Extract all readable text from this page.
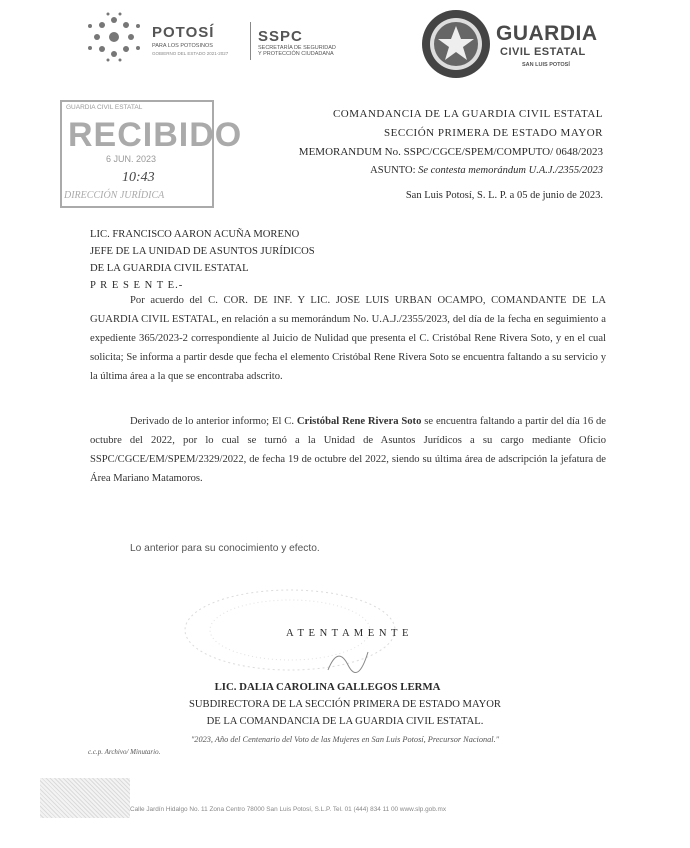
POTOSÍ
PARA LOS POTOSINOS
GOBIERNO DEL ESTADO 2021-2027
SSPC
SECRETARÍA DE SEGURIDAD
Y PROTECCIÓN CIUDADANA
GUARDIA
CIVIL ESTATAL
SAN LUIS POTOSÍ
GUARDIA CIVIL ESTATAL
RECIBIDO
6 JUN. 2023
10:43
DIRECCIÓN JURÍDICA
COMANDANCIA DE LA GUARDIA CIVIL ESTATAL
SECCIÓN PRIMERA DE ESTADO MAYOR
MEMORANDUM No. SSPC/CGCE/SPEM/COMPUTO/ 0648/2023
ASUNTO: Se contesta memorándum U.A.J./2355/2023
San Luis Potosí, S. L. P. a 05 de junio de 2023.
LIC. FRANCISCO AARON ACUÑA MORENO
JEFE DE LA UNIDAD DE ASUNTOS JURÍDICOS
DE LA GUARDIA CIVIL ESTATAL
P R E S E N T E.-
Por acuerdo del C. COR. DE INF. Y LIC. JOSE LUIS URBAN OCAMPO, COMANDANTE DE LA GUARDIA CIVIL ESTATAL, en relación a su memorándum No. U.A.J./2355/2023, del día de la fecha en seguimiento a expediente 365/2023-2 correspondiente al Juicio de Nulidad que presenta el C. Cristóbal Rene Rivera Soto, y en el cual solicita; Se informa a partir desde que fecha el elemento Cristóbal Rene Rivera Soto se encuentra faltando a su servicio y la última área a la que se encontraba adscrito.
Derivado de lo anterior informo; El C. Cristóbal Rene Rivera Soto se encuentra faltando a partir del día 16 de octubre del 2022, por lo cual se turnó a la Unidad de Asuntos Jurídicos a su cargo mediante Oficio SSPC/CGCE/EM/SPEM/2329/2022, de fecha 19 de octubre del 2022, siendo su última área de adscripción la jefatura de Área Mariano Matamoros.
Lo anterior para su conocimiento y efecto.
A T E N T A M E N T E
LIC. DALIA CAROLINA GALLEGOS LERMA
SUBDIRECTORA DE LA SECCIÓN PRIMERA DE ESTADO MAYOR
DE LA COMANDANCIA DE LA GUARDIA CIVIL ESTATAL.
"2023, Año del Centenario del Voto de las Mujeres en San Luis Potosí, Precursor Nacional."
c.c.p. Archivo/ Minutario.
Calle Jardín Hidalgo No. 11 Zona Centro 78000 San Luis Potosí, S.L.P. Tel. 01 (444) 834 11 00 www.slp.gob.mx
